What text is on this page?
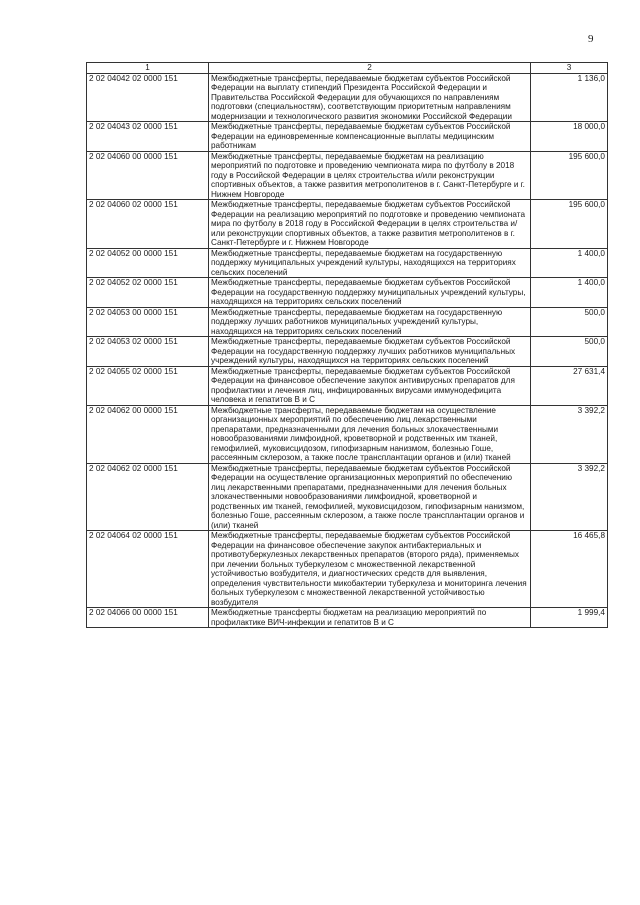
9
1	2	3
2 02 04042 02 0000 151	Межбюджетные трансферты, передаваемые бюджетам субъектов Российской Федерации на выплату стипендий Президента Российской Федерации и Правительства Российской Федерации для обучающихся по направлениям подготовки (специальностям), соответствующим приоритетным направлениям модернизации и технологического развития экономики Российской Федерации	1 136,0
2 02 04043 02 0000 151	Межбюджетные трансферты, передаваемые бюджетам субъектов Российской Федерации на единовременные компенсационные выплаты медицинским работникам	18 000,0
2 02 04060 00 0000 151	Межбюджетные трансферты, передаваемые бюджетам на реализацию мероприятий по подготовке и проведению чемпионата мира по футболу в 2018 году в Российской Федерации в целях строительства и/или реконструкции спортивных объектов, а также развития метрополитенов в г. Санкт-Петербурге и г. Нижнем Новгороде	195 600,0
2 02 04060 02 0000 151	Межбюджетные трансферты, передаваемые бюджетам субъектов Российской Федерации на реализацию мероприятий по подготовке и проведению чемпионата мира по футболу в 2018 году в Российской Федерации в целях строительства и/или реконструкции спортивных объектов, а также развития метрополитенов в г. Санкт-Петербурге и г. Нижнем Новгороде	195 600,0
2 02 04052 00 0000 151	Межбюджетные трансферты, передаваемые бюджетам на государственную поддержку муниципальных учреждений культуры, находящихся на территориях сельских поселений	1 400,0
2 02 04052 02 0000 151	Межбюджетные трансферты, передаваемые бюджетам субъектов Российской Федерации на государственную поддержку муниципальных учреждений культуры, находящихся на территориях сельских поселений	1 400,0
2 02 04053 00 0000 151	Межбюджетные трансферты, передаваемые бюджетам на государственную поддержку лучших работников муниципальных учреждений культуры, находящихся на территориях сельских поселений	500,0
2 02 04053 02 0000 151	Межбюджетные трансферты, передаваемые бюджетам субъектов Российской Федерации на государственную поддержку лучших работников муниципальных учреждений культуры, находящихся на территориях сельских поселений	500,0
2 02 04055 02 0000 151	Межбюджетные трансферты, передаваемые бюджетам субъектов Российской Федерации на финансовое обеспечение закупок антивирусных препаратов для профилактики и лечения лиц, инфицированных вирусами иммунодефицита человека и гепатитов В и С	27 631,4
2 02 04062 00 0000 151	Межбюджетные трансферты, передаваемые бюджетам на осуществление организационных мероприятий по обеспечению лиц лекарственными препаратами, предназначенными для лечения больных злокачественными новообразованиями лимфоидной, кроветворной и родственных им тканей, гемофилией, муковисцидозом, гипофизарным нанизмом, болезнью Гоше, рассеянным склерозом, а также после трансплантации органов и (или) тканей	3 392,2
2 02 04062 02 0000 151	Межбюджетные трансферты, передаваемые бюджетам субъектов Российской Федерации на осуществление организационных мероприятий по обеспечению лиц лекарственными препаратами, предназначенными для лечения больных злокачественными новообразованиями лимфоидной, кроветворной и родственных им тканей, гемофилией, муковисцидозом, гипофизарным нанизмом, болезнью Гоше, рассеянным склерозом, а также после трансплантации органов и (или) тканей	3 392,2
2 02 04064 02 0000 151	Межбюджетные трансферты, передаваемые бюджетам субъектов Российской Федерации на финансовое обеспечение закупок антибактериальных и противотуберкулезных лекарственных препаратов (второго ряда), применяемых при лечении больных туберкулезом с множественной лекарственной устойчивостью возбудителя, и диагностических средств для выявления, определения чувствительности микобактерии туберкулеза и мониторинга лечения больных туберкулезом с множественной лекарственной устойчивостью возбудителя	16 465,8
2 02 04066 00 0000 151	Межбюджетные трансферты бюджетам на реализацию мероприятий по профилактике ВИЧ-инфекции и гепатитов В и С	1 999,4
